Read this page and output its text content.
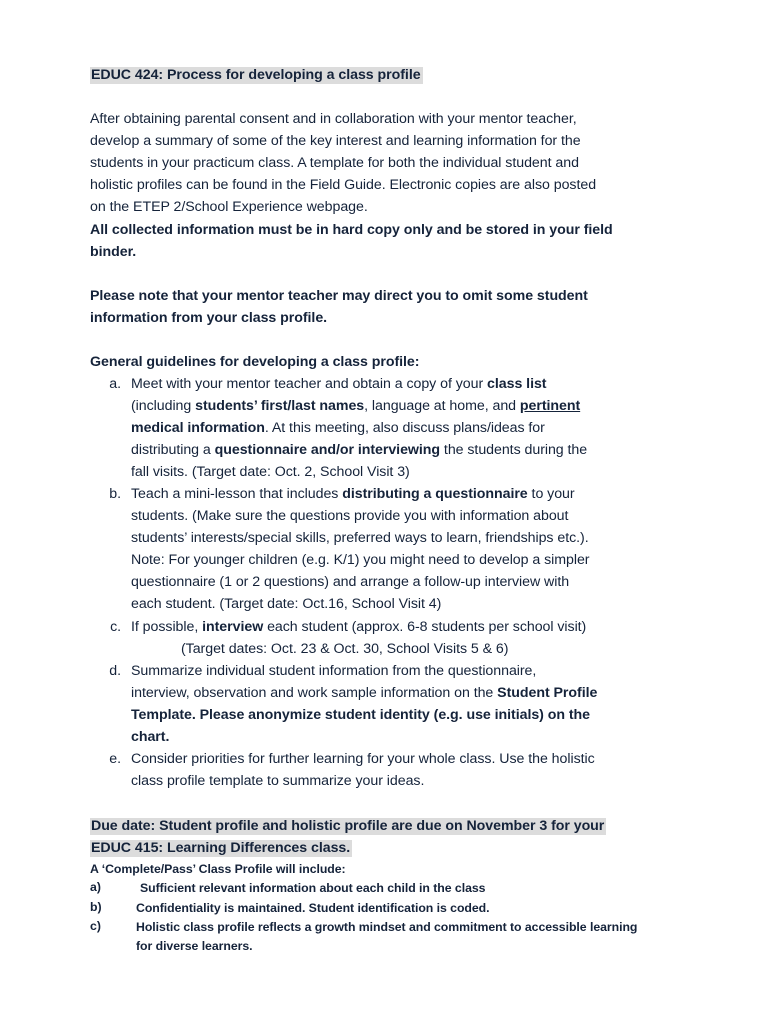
EDUC 424: Process for developing a class profile
After obtaining parental consent and in collaboration with your mentor teacher,
develop a summary of some of the key interest and learning information for the
students in your practicum class. A template for both the individual student and
holistic profiles can be found in the Field Guide. Electronic copies are also posted
on the ETEP 2/School Experience webpage.
All collected information must be in hard copy only and be stored in your field
binder.
Please note that your mentor teacher may direct you to omit some student
information from your class profile.
General guidelines for developing a class profile:
a. Meet with your mentor teacher and obtain a copy of your class list
(including students’ first/last names, language at home, and pertinent
medical information. At this meeting, also discuss plans/ideas for
distributing a questionnaire and/or interviewing the students during the
fall visits. (Target date: Oct. 2, School Visit 3)
b. Teach a mini-lesson that includes distributing a questionnaire to your
students. (Make sure the questions provide you with information about
students’ interests/special skills, preferred ways to learn, friendships etc.).
Note: For younger children (e.g. K/1) you might need to develop a simpler
questionnaire (1 or 2 questions) and arrange a follow-up interview with
each student. (Target date: Oct.16, School Visit 4)
c. If possible, interview each student (approx. 6-8 students per school visit)
(Target dates: Oct. 23 & Oct. 30, School Visits 5 & 6)
d. Summarize individual student information from the questionnaire,
interview, observation and work sample information on the Student Profile
Template. Please anonymize student identity (e.g. use initials) on the
chart.
e. Consider priorities for further learning for your whole class. Use the holistic
class profile template to summarize your ideas.
Due date: Student profile and holistic profile are due on November 3 for your
EDUC 415: Learning Differences class.
A ‘Complete/Pass’ Class Profile will include:
a)	Sufficient relevant information about each child in the class
b)	Confidentiality is maintained. Student identification is coded.
c)	Holistic class profile reflects a growth mindset and commitment to accessible learning
for diverse learners.
